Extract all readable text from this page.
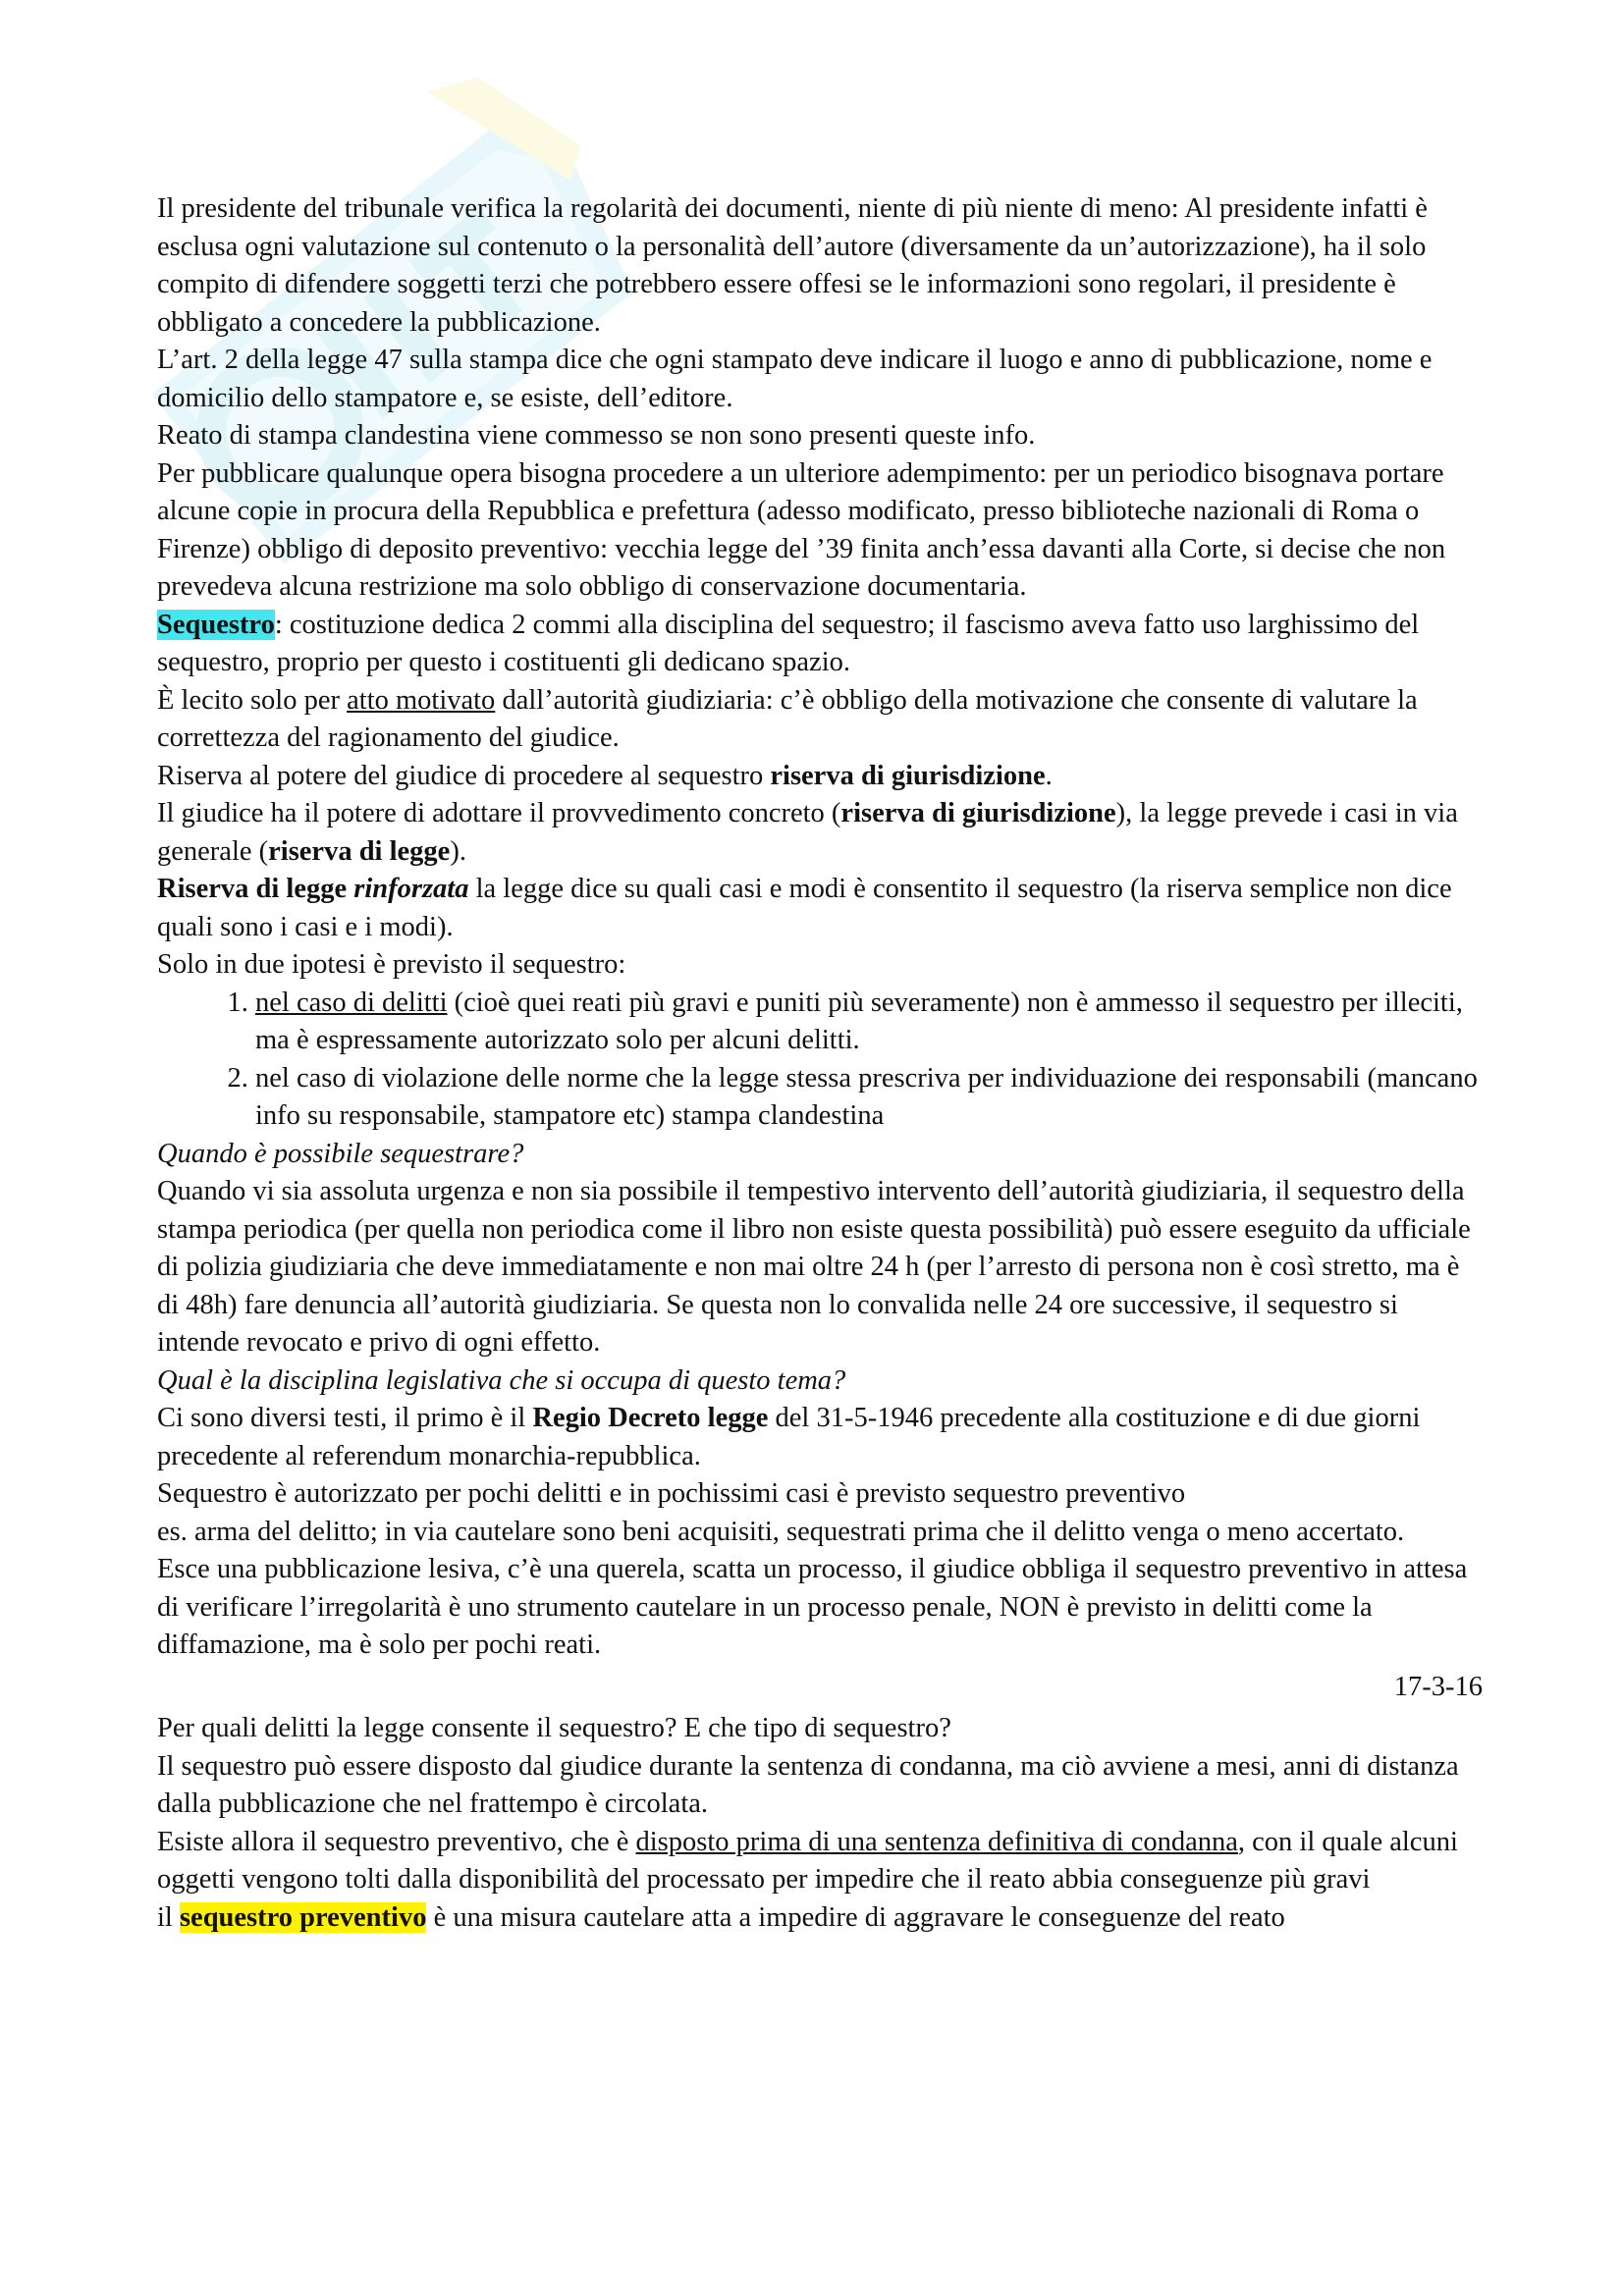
Il presidente del tribunale verifica la regolarità dei documenti, niente di più niente di meno: Al presidente infatti è esclusa ogni valutazione sul contenuto o la personalità dell’autore (diversamente da un’autorizzazione), ha il solo compito di difendere soggetti terzi che potrebbero essere offesi se le informazioni sono regolari, il presidente è obbligato a concedere la pubblicazione.

L’art. 2 della legge 47 sulla stampa dice che ogni stampato deve indicare il luogo e anno di pubblicazione, nome e domicilio dello stampatore e, se esiste, dell’editore.

Reato di stampa clandestina viene commesso se non sono presenti queste info.

Per pubblicare qualunque opera bisogna procedere a un ulteriore adempimento: per un periodico bisognava portare alcune copie in procura della Repubblica e prefettura (adesso modificato, presso biblioteche nazionali di Roma o Firenze) obbligo di deposito preventivo: vecchia legge del ’39 finita anch’essa davanti alla Corte, si decise che non prevedeva alcuna restrizione ma solo obbligo di conservazione documentaria.

Sequestro: costituzione dedica 2 commi alla disciplina del sequestro; il fascismo aveva fatto uso larghissimo del sequestro, proprio per questo i costituenti gli dedicano spazio.

È lecito solo per atto motivato dall’autorità giudiziaria: c’è obbligo della motivazione che consente di valutare la correttezza del ragionamento del giudice.

Riserva al potere del giudice di procedere al sequestro riserva di giurisdizione.

Il giudice ha il potere di adottare il provvedimento concreto (riserva di giurisdizione), la legge prevede i casi in via generale (riserva di legge).

Riserva di legge rinforzata la legge dice su quali casi e modi è consentito il sequestro (la riserva semplice non dice quali sono i casi e i modi).

Solo in due ipotesi è previsto il sequestro:

1. nel caso di delitti (cioè quei reati più gravi e puniti più severamente) non è ammesso il sequestro per illeciti, ma è espressamente autorizzato solo per alcuni delitti.
2. nel caso di violazione delle norme che la legge stessa prescriva per individuazione dei responsabili (mancano info su responsabile, stampatore etc) stampa clandestina

Quando è possibile sequestrare?

Quando vi sia assoluta urgenza e non sia possibile il tempestivo intervento dell’autorità giudiziaria, il sequestro della stampa periodica (per quella non periodica come il libro non esiste questa possibilità) può essere eseguito da ufficiale di polizia giudiziaria che deve immediatamente e non mai oltre 24 h (per l’arresto di persona non è così stretto, ma è di 48h) fare denuncia all’autorità giudiziaria. Se questa non lo convalida nelle 24 ore successive, il sequestro si intende revocato e privo di ogni effetto.

Qual è la disciplina legislativa che si occupa di questo tema?

Ci sono diversi testi, il primo è il Regio Decreto legge del 31-5-1946 precedente alla costituzione e di due giorni precedente al referendum monarchia-repubblica.

Sequestro è autorizzato per pochi delitti e in pochissimi casi è previsto sequestro preventivo

es. arma del delitto; in via cautelare sono beni acquisiti, sequestrati prima che il delitto venga o meno accertato.

Esce una pubblicazione lesiva, c’è una querela, scatta un processo, il giudice obbliga il sequestro preventivo in attesa di verificare l’irregolarità è uno strumento cautelare in un processo penale, NON è previsto in delitti come la diffamazione, ma è solo per pochi reati.

17-3-16

Per quali delitti la legge consente il sequestro? E che tipo di sequestro?

Il sequestro può essere disposto dal giudice durante la sentenza di condanna, ma ciò avviene a mesi, anni di distanza dalla pubblicazione che nel frattempo è circolata.

Esiste allora il sequestro preventivo, che è disposto prima di una sentenza definitiva di condanna, con il quale alcuni oggetti vengono tolti dalla disponibilità del processato per impedire che il reato abbia conseguenze più gravi

il sequestro preventivo è una misura cautelare atta a impedire di aggravare le conseguenze del reato
